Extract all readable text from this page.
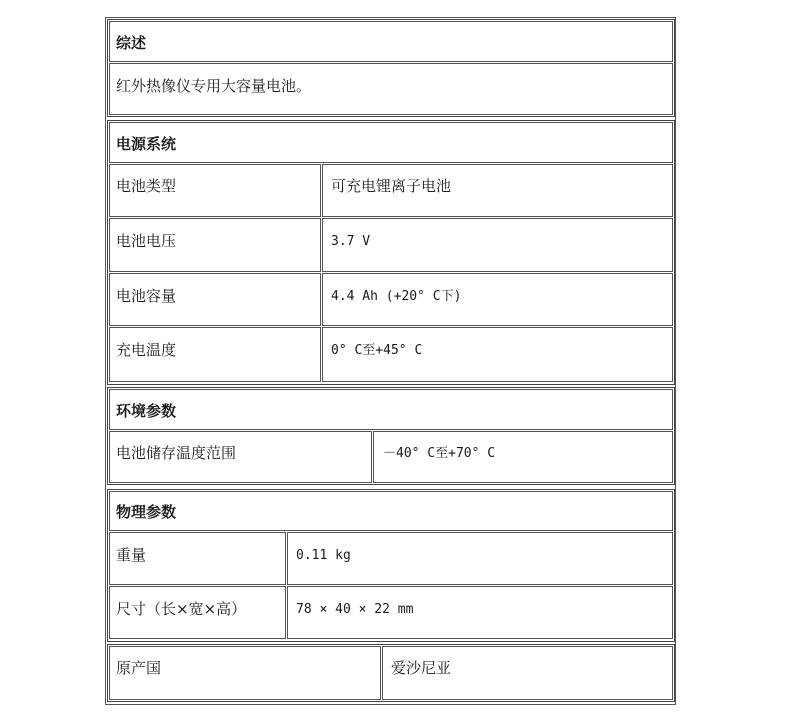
综述
红外热像仪专用大容量电池。
电源系统
电池类型	可充电锂离子电池
电池电压	3.7 V
电池容量	4.4 Ah (+20° C下)
充电温度	0° C至+45° C
环境参数
电池储存温度范围	－40° C至+70° C
物理参数
重量	0.11 kg
尺寸（长×宽×高）	78 × 40 × 22 mm
原产国	爱沙尼亚
